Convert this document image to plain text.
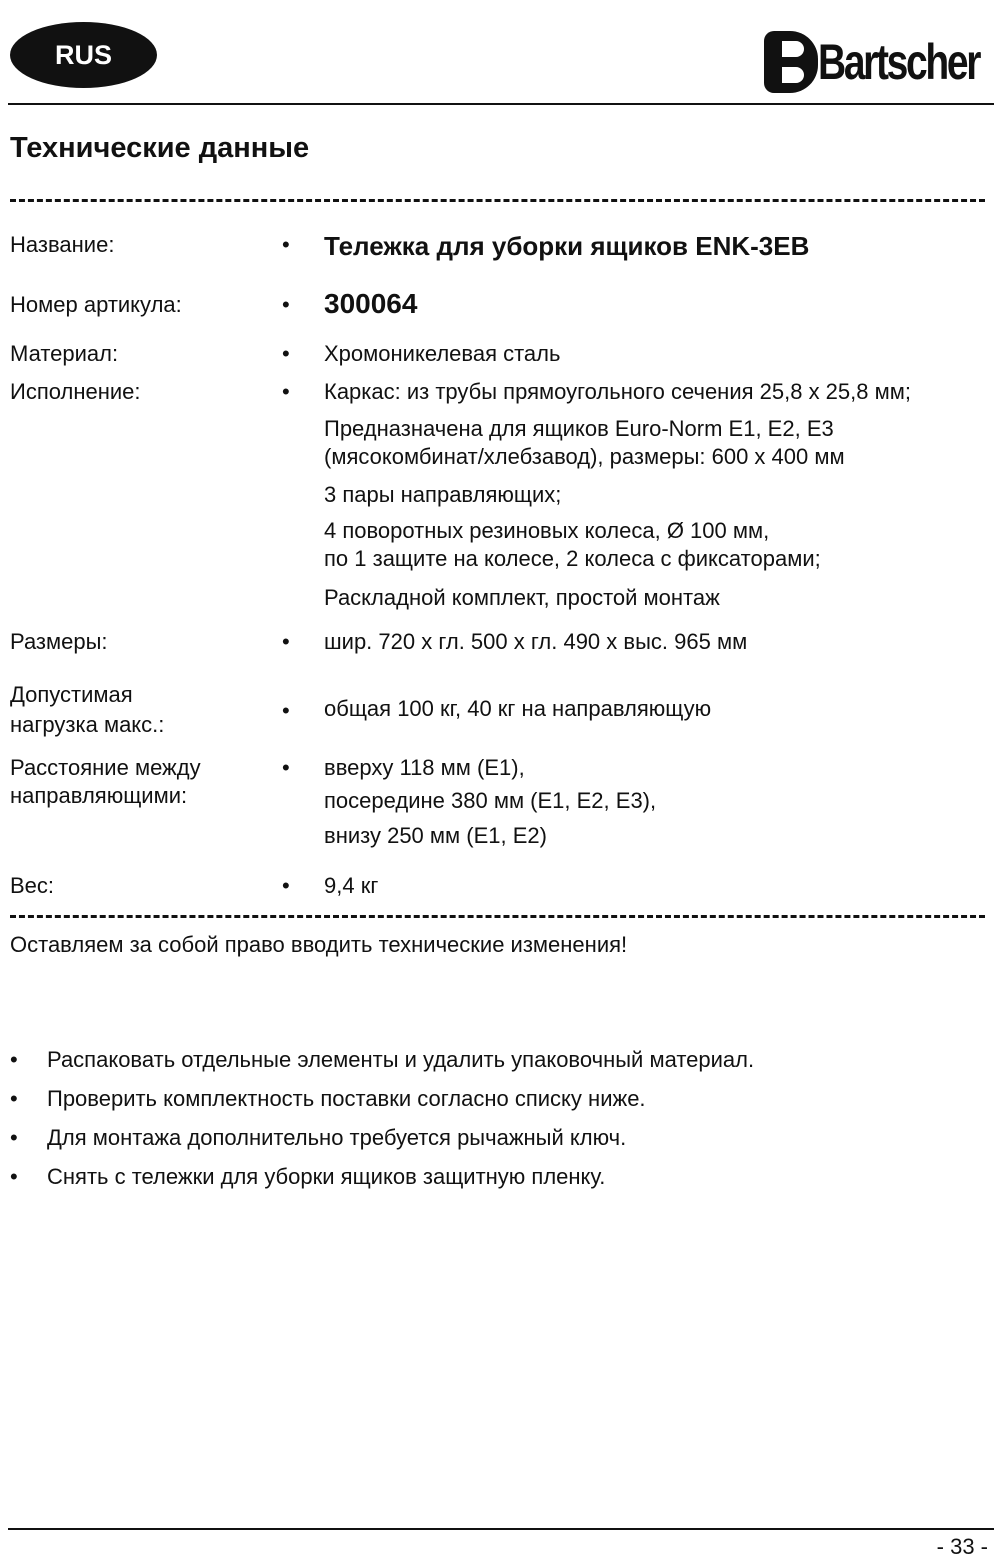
RUS	Bartscher
Технические данные
Название:	• Тележка для уборки ящиков ENK-3EB
Номер артикула:	• 300064
Материал:	• Хромоникелевая сталь
Исполнение:	• Каркас: из трубы прямоугольного сечения 25,8 x 25,8 мм;
Предназначена для ящиков Euro-Norm E1, E2, E3
(мясокомбинат/хлебзавод), размеры: 600 x 400 мм
3 пары направляющих;
4 поворотных резиновых колеса, Ø 100 мм,
по 1 защите на колесе, 2 колеса с фиксаторами;
Раскладной комплект, простой монтаж
Размеры:	• шир. 720 x гл. 500 x гл. 490 x выс. 965 мм
Допустимая
нагрузка макс.:
• общая 100 кг, 40 кг на направляющую
Расстояние между
направляющими:
• вверху 118 мм (E1),
посередине 380 мм (E1, E2, E3),
внизу 250 мм (E1, E2)
Вес:	• 9,4 кг
Оставляем за собой право вводить технические изменения!
• Распаковать отдельные элементы и удалить упаковочный материал.
• Проверить комплектность поставки согласно списку ниже.
• Для монтажа дополнительно требуется рычажный ключ.
• Снять с тележки для уборки ящиков защитную пленку.
- 33 -
